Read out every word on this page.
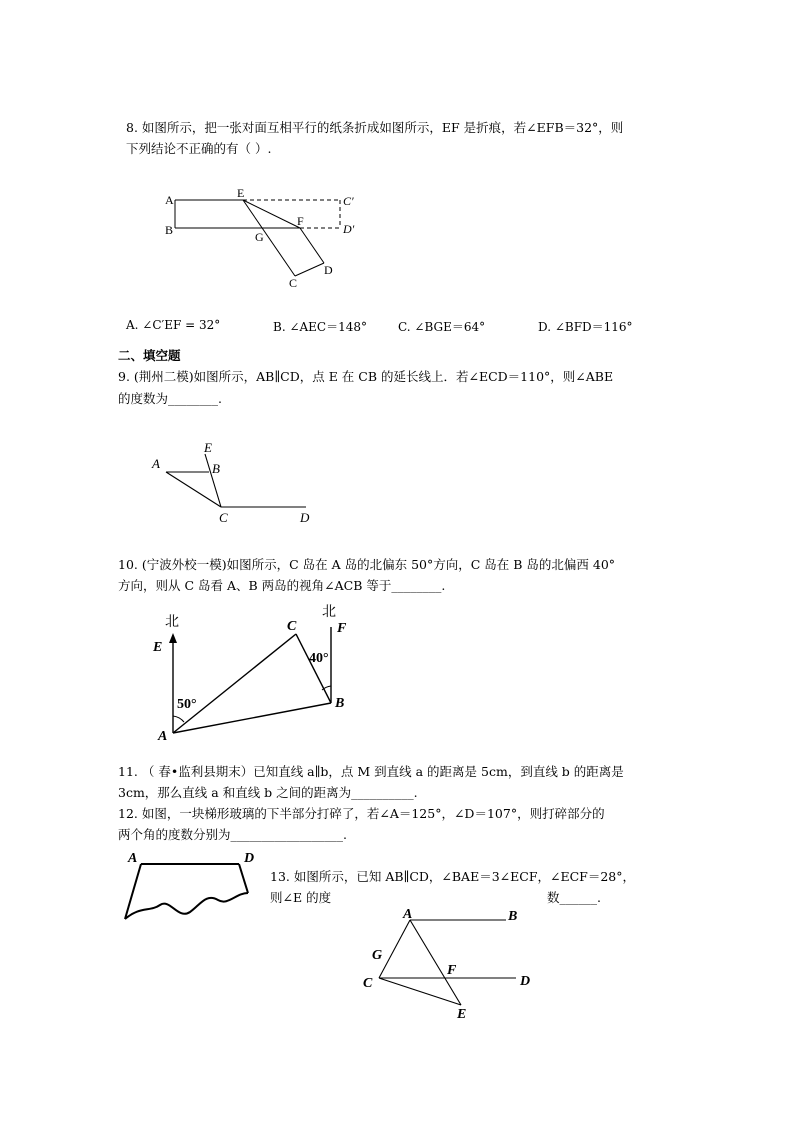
8. 如图所示，把一张对面互相平行的纸条折成如图所示，EF 是折痕，若∠EFB＝32°，则
下列结论不正确的有（ ）.
A
B
E
F
G
C
D
C′
D′
A. ∠C′EF = 32°	B. ∠AEC＝148°	C. ∠BGE＝64°	D. ∠BFD＝116°
二、填空题
9. (荆州二模)如图所示，AB∥CD，点 E 在 CB 的延长线上．若∠ECD＝110°，则∠ABE
的度数为________.
A	B
E
C	D
10. (宁波外校一模)如图所示，C 岛在 A 岛的北偏东 50°方向，C 岛在 B 岛的北偏西 40°
方向，则从 C 岛看 A、B 两岛的视角∠ACB 等于________.
北
北
E
F
C
A
B
50°
40°
11. （ 春•监利县期末）已知直线 a∥b，点 M 到直线 a 的距离是 5cm，到直线 b 的距离是
3cm，那么直线 a 和直线 b 之间的距离为__________.
12. 如图，一块梯形玻璃的下半部分打碎了，若∠A＝125°，∠D＝107°，则打碎部分的
两个角的度数分别为__________________.
A	D
13. 如图所示，已知 AB∥CD，∠BAE＝3∠ECF，∠ECF＝28°，
则∠E 的度	数______.
A	B
G
C
F
D
E
